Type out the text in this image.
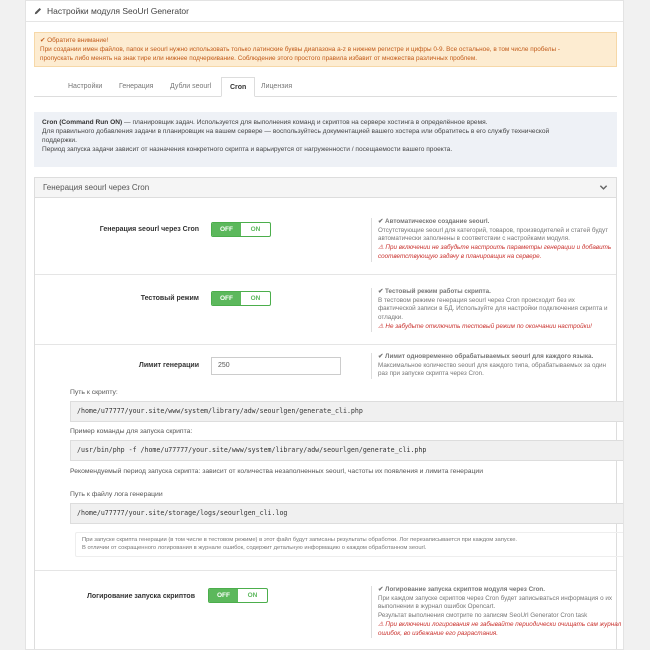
Настройки модуля SeoUrl Generator
✔ Обратите внимание!
При создании имен файлов, папок и seourl нужно использовать только латинские буквы диапазона a-z в нижнем регистре и цифры 0-9. Все остальное, в том числе пробелы -
пропускать либо менять на знак тире или нижнее подчеркивание. Соблюдение этого простого правила избавит от множества различных проблем.
Настройки	Генерация	Дубли seourl	Cron	Лицензия
Cron (Command Run ON) — планировщик задач. Используется для выполнения команд и скриптов на сервере хостинга в определённое время.
Для правильного добавления задачи в планировщик на вашем сервере — воспользуйтесь документацией вашего хостера или обратитесь в его службу технической
поддержки.
Период запуска задачи зависит от назначения конкретного скрипта и варьируется от нагруженности / посещаемости вашего проекта.
Генерация seourl через Cron
Генерация seourl через Cron	OFF	ON
✔ Автоматическое создание seourl.
Отсутствующие seourl для категорий, товаров, производителей и статей будут
автоматически заполнены в соответствии с настройками модуля.
⚠ При включении не забудьте настроить параметры генерации и добавить
соответствующую задачу в планировщик на сервере.
Тестовый режим	OFF	ON
✔ Тестовый режим работы скрипта.
В тестовом режиме генерация seourl через Cron происходит без их
фактической записи в БД. Используйте для настройки подключения скрипта и
отладки.
⚠ Не забудьте отключить тестовый режим по окончании настройки!
Лимит генерации	250
✔ Лимит одновременно обрабатываемых seourl для каждого языка.
Максимальное количество seourl для каждого типа, обрабатываемых за один
раз при запуске скрипта через Cron.
Путь к скрипту:
/home/u77777/your.site/www/system/library/adw/seourlgen/generate_cli.php
Пример команды для запуска скрипта:
/usr/bin/php -f /home/u77777/your.site/www/system/library/adw/seourlgen/generate_cli.php
Рекомендуемый период запуска скрипта: зависит от количества незаполненных seourl, частоты их появления и лимита генерации
Путь к файлу лога генерации
/home/u77777/your.site/storage/logs/seourlgen_cli.log
При запуске скрипта генерации (в том числе в тестовом режиме) в этот файл будут записаны результаты обработки. Лог перезаписывается при каждом запуске.
В отличии от сокращенного логирования в журнале ошибок, содержит детальную информацию о каждом обработанном seourl.
Логирование запуска скриптов	OFF	ON
✔ Логирование запуска скриптов модуля через Cron.
При каждом запуске скриптов через Cron будет записываться информация о их
выполнении в журнал ошибок Opencart.
Результат выполнения смотрите по записям SeoUrl Generator Cron task
⚠ При включении логирования не забывайте периодически очищать сам журнал
ошибок, во избежание его разрастания.
